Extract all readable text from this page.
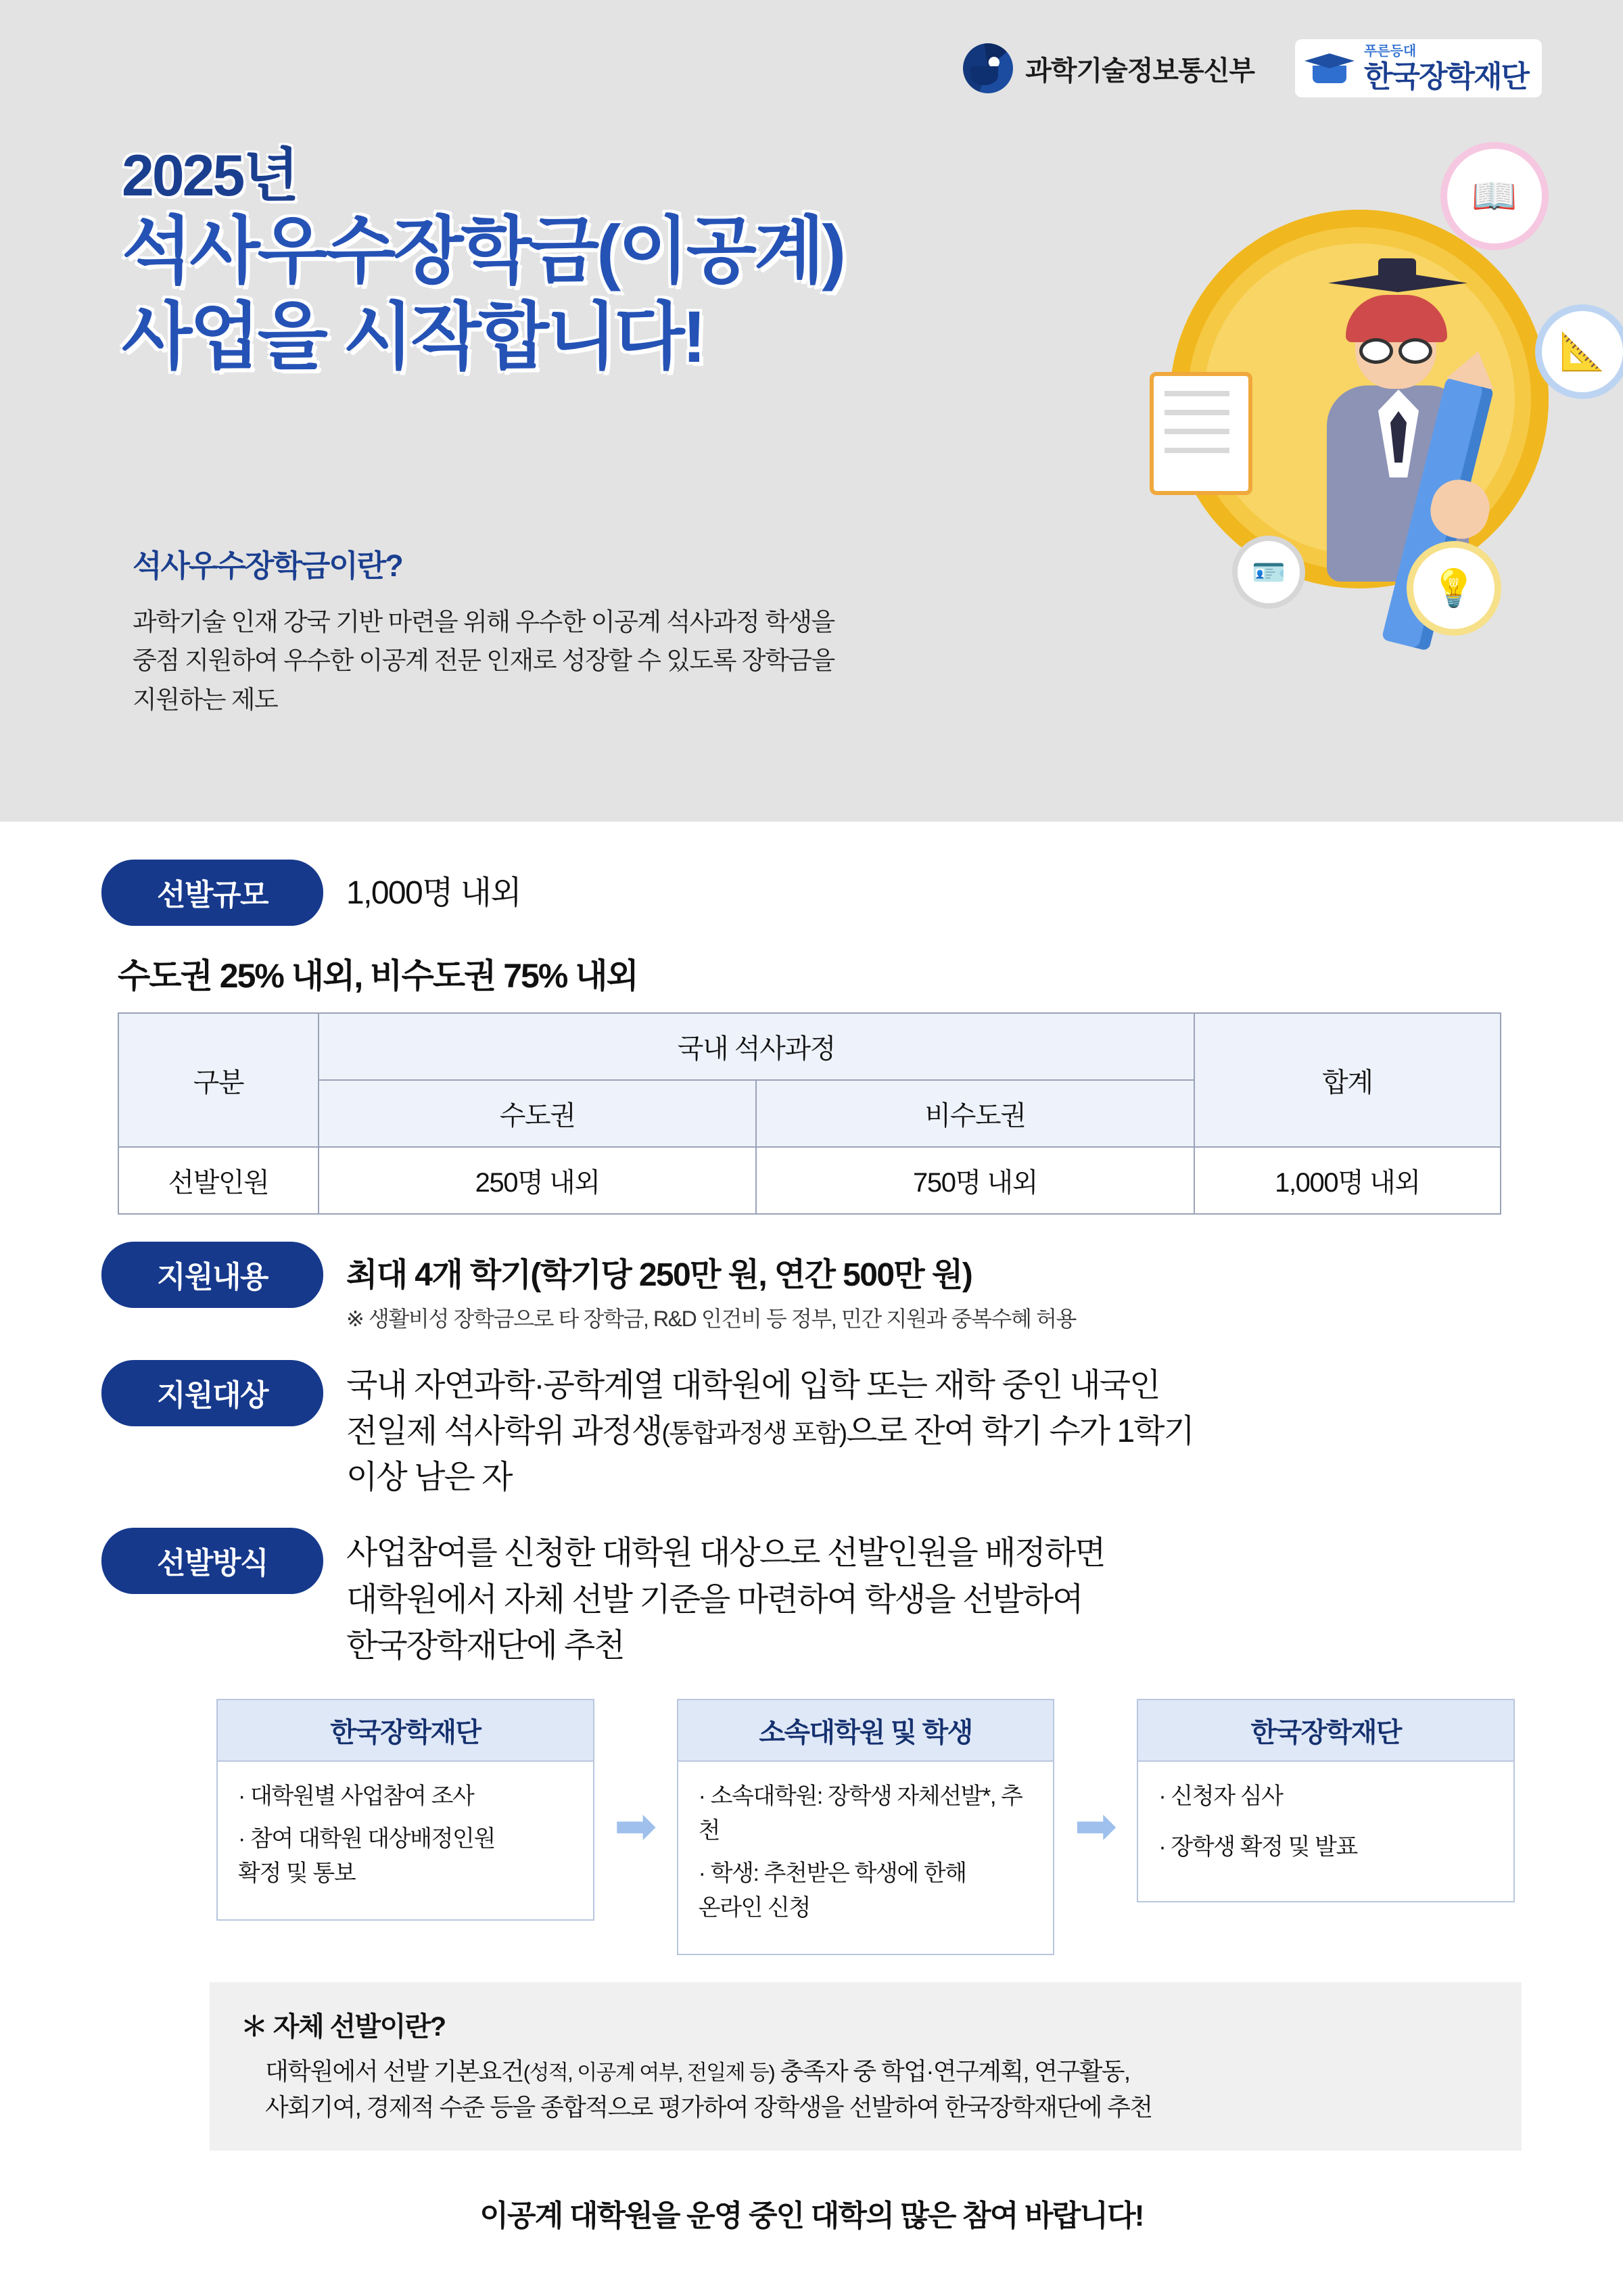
과학기술정보통신부
푸른등대
한국장학재단
📖
📐
💡
🪪
2025년
석사우수장학금(이공계)
사업을 시작합니다!
석사우수장학금이란?
과학기술 인재 강국 기반 마련을 위해 우수한 이공계 석사과정 학생을
중점 지원하여 우수한 이공계 전문 인재로 성장할 수 있도록 장학금을
지원하는 제도
선발규모	1,000명 내외
수도권 25% 내외, 비수도권 75% 내외
구분	국내 석사과정		합계
	수도권	비수도권	
선발인원	250명 내외	750명 내외	1,000명 내외
지원내용	최대 4개 학기(학기당 250만 원, 연간 500만 원)
※ 생활비성 장학금으로 타 장학금, R&D 인건비 등 정부, 민간 지원과 중복수혜 허용
지원대상	국내 자연과학·공학계열 대학원에 입학 또는 재학 중인 내국인
전일제 석사학위 과정생(통합과정생 포함)으로 잔여 학기 수가 1학기
이상 남은 자
선발방식	사업참여를 신청한 대학원 대상으로 선발인원을 배정하면
대학원에서 자체 선발 기준을 마련하여 학생을 선발하여
한국장학재단에 추천
한국장학재단
· 대학원별 사업참여 조사
· 참여 대학원 대상배정인원
확정 및 통보
➡
소속대학원 및 학생
· 소속대학원: 장학생 자체선발*, 추천
· 학생: 추천받은 학생에 한해
온라인 신청
➡
한국장학재단
· 신청자 심사
· 장학생 확정 및 발표
＊ 자체 선발이란?
대학원에서 선발 기본요건(성적, 이공계 여부, 전일제 등) 충족자 중 학업·연구계획, 연구활동,
사회기여, 경제적 수준 등을 종합적으로 평가하여 장학생을 선발하여 한국장학재단에 추천
이공계 대학원을 운영 중인 대학의 많은 참여 바랍니다!
